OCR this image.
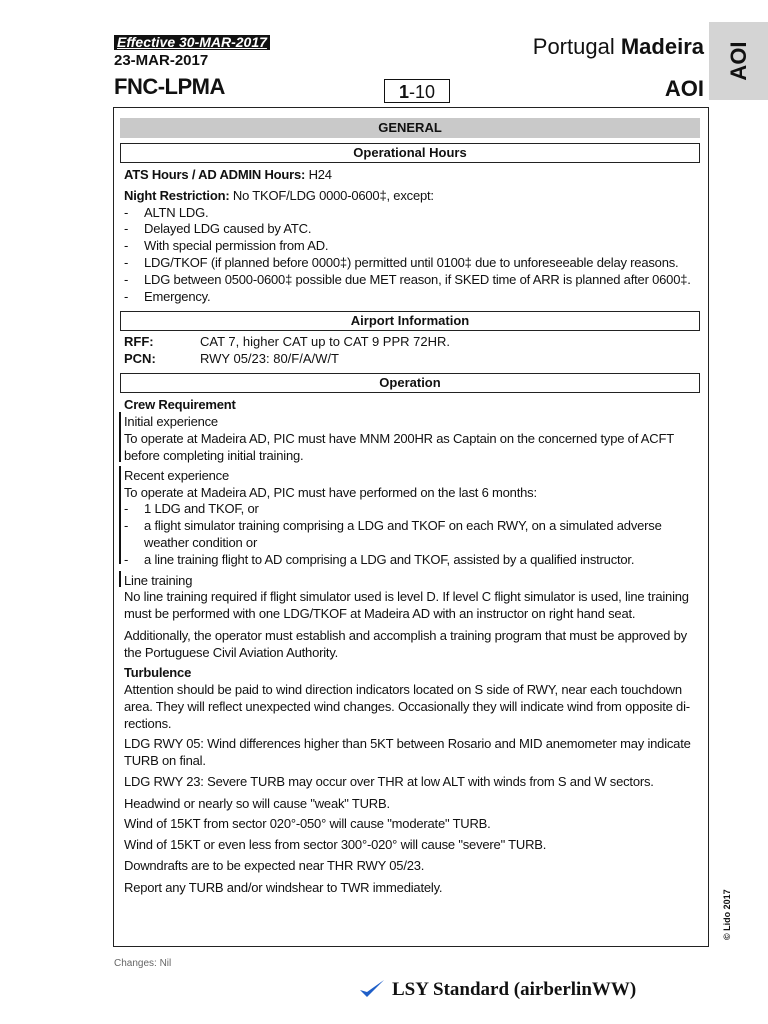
Effective 30-MAR-2017
23-MAR-2017
FNC-LPMA	1-10
Portugal Madeira
AOI
AOI
GENERAL
Operational Hours
ATS Hours / AD ADMIN Hours: H24
Night Restriction: No TKOF/LDG 0000-0600‡, except:
- ALTN LDG.
- Delayed LDG caused by ATC.
- With special permission from AD.
- LDG/TKOF (if planned before 0000‡) permitted until 0100‡ due to unforeseeable delay reasons.
- LDG between 0500-0600‡ possible due MET reason, if SKED time of ARR is planned after 0600‡.
- Emergency.
Airport Information
RFF:	CAT 7, higher CAT up to CAT 9 PPR 72HR.
PCN:	RWY 05/23: 80/F/A/W/T
Operation
Crew Requirement
Initial experience
To operate at Madeira AD, PIC must have MNM 200HR as Captain on the concerned type of ACFT before completing initial training.
Recent experience
To operate at Madeira AD, PIC must have performed on the last 6 months:
- 1 LDG and TKOF, or
- a flight simulator training comprising a LDG and TKOF on each RWY, on a simulated adverse weather condition or
- a line training flight to AD comprising a LDG and TKOF, assisted by a qualified instructor.
Line training
No line training required if flight simulator used is level D. If level C flight simulator is used, line training must be performed with one LDG/TKOF at Madeira AD with an instructor on right hand seat.
Additionally, the operator must establish and accomplish a training program that must be approved by the Portuguese Civil Aviation Authority.
Turbulence
Attention should be paid to wind direction indicators located on S side of RWY, near each touchdown area. They will reflect unexpected wind changes. Occasionally they will indicate wind from opposite di-rections.
LDG RWY 05: Wind differences higher than 5KT between Rosario and MID anemometer may indicate TURB on final.
LDG RWY 23: Severe TURB may occur over THR at low ALT with winds from S and W sectors.
Headwind or nearly so will cause "weak" TURB.
Wind of 15KT from sector 020°-050° will cause "moderate" TURB.
Wind of 15KT or even less from sector 300°-020° will cause "severe" TURB.
Downdrafts are to be expected near THR RWY 05/23.
Report any TURB and/or windshear to TWR immediately.
© Lido 2017
Changes: Nil
LSY Standard (airberlinWW)
